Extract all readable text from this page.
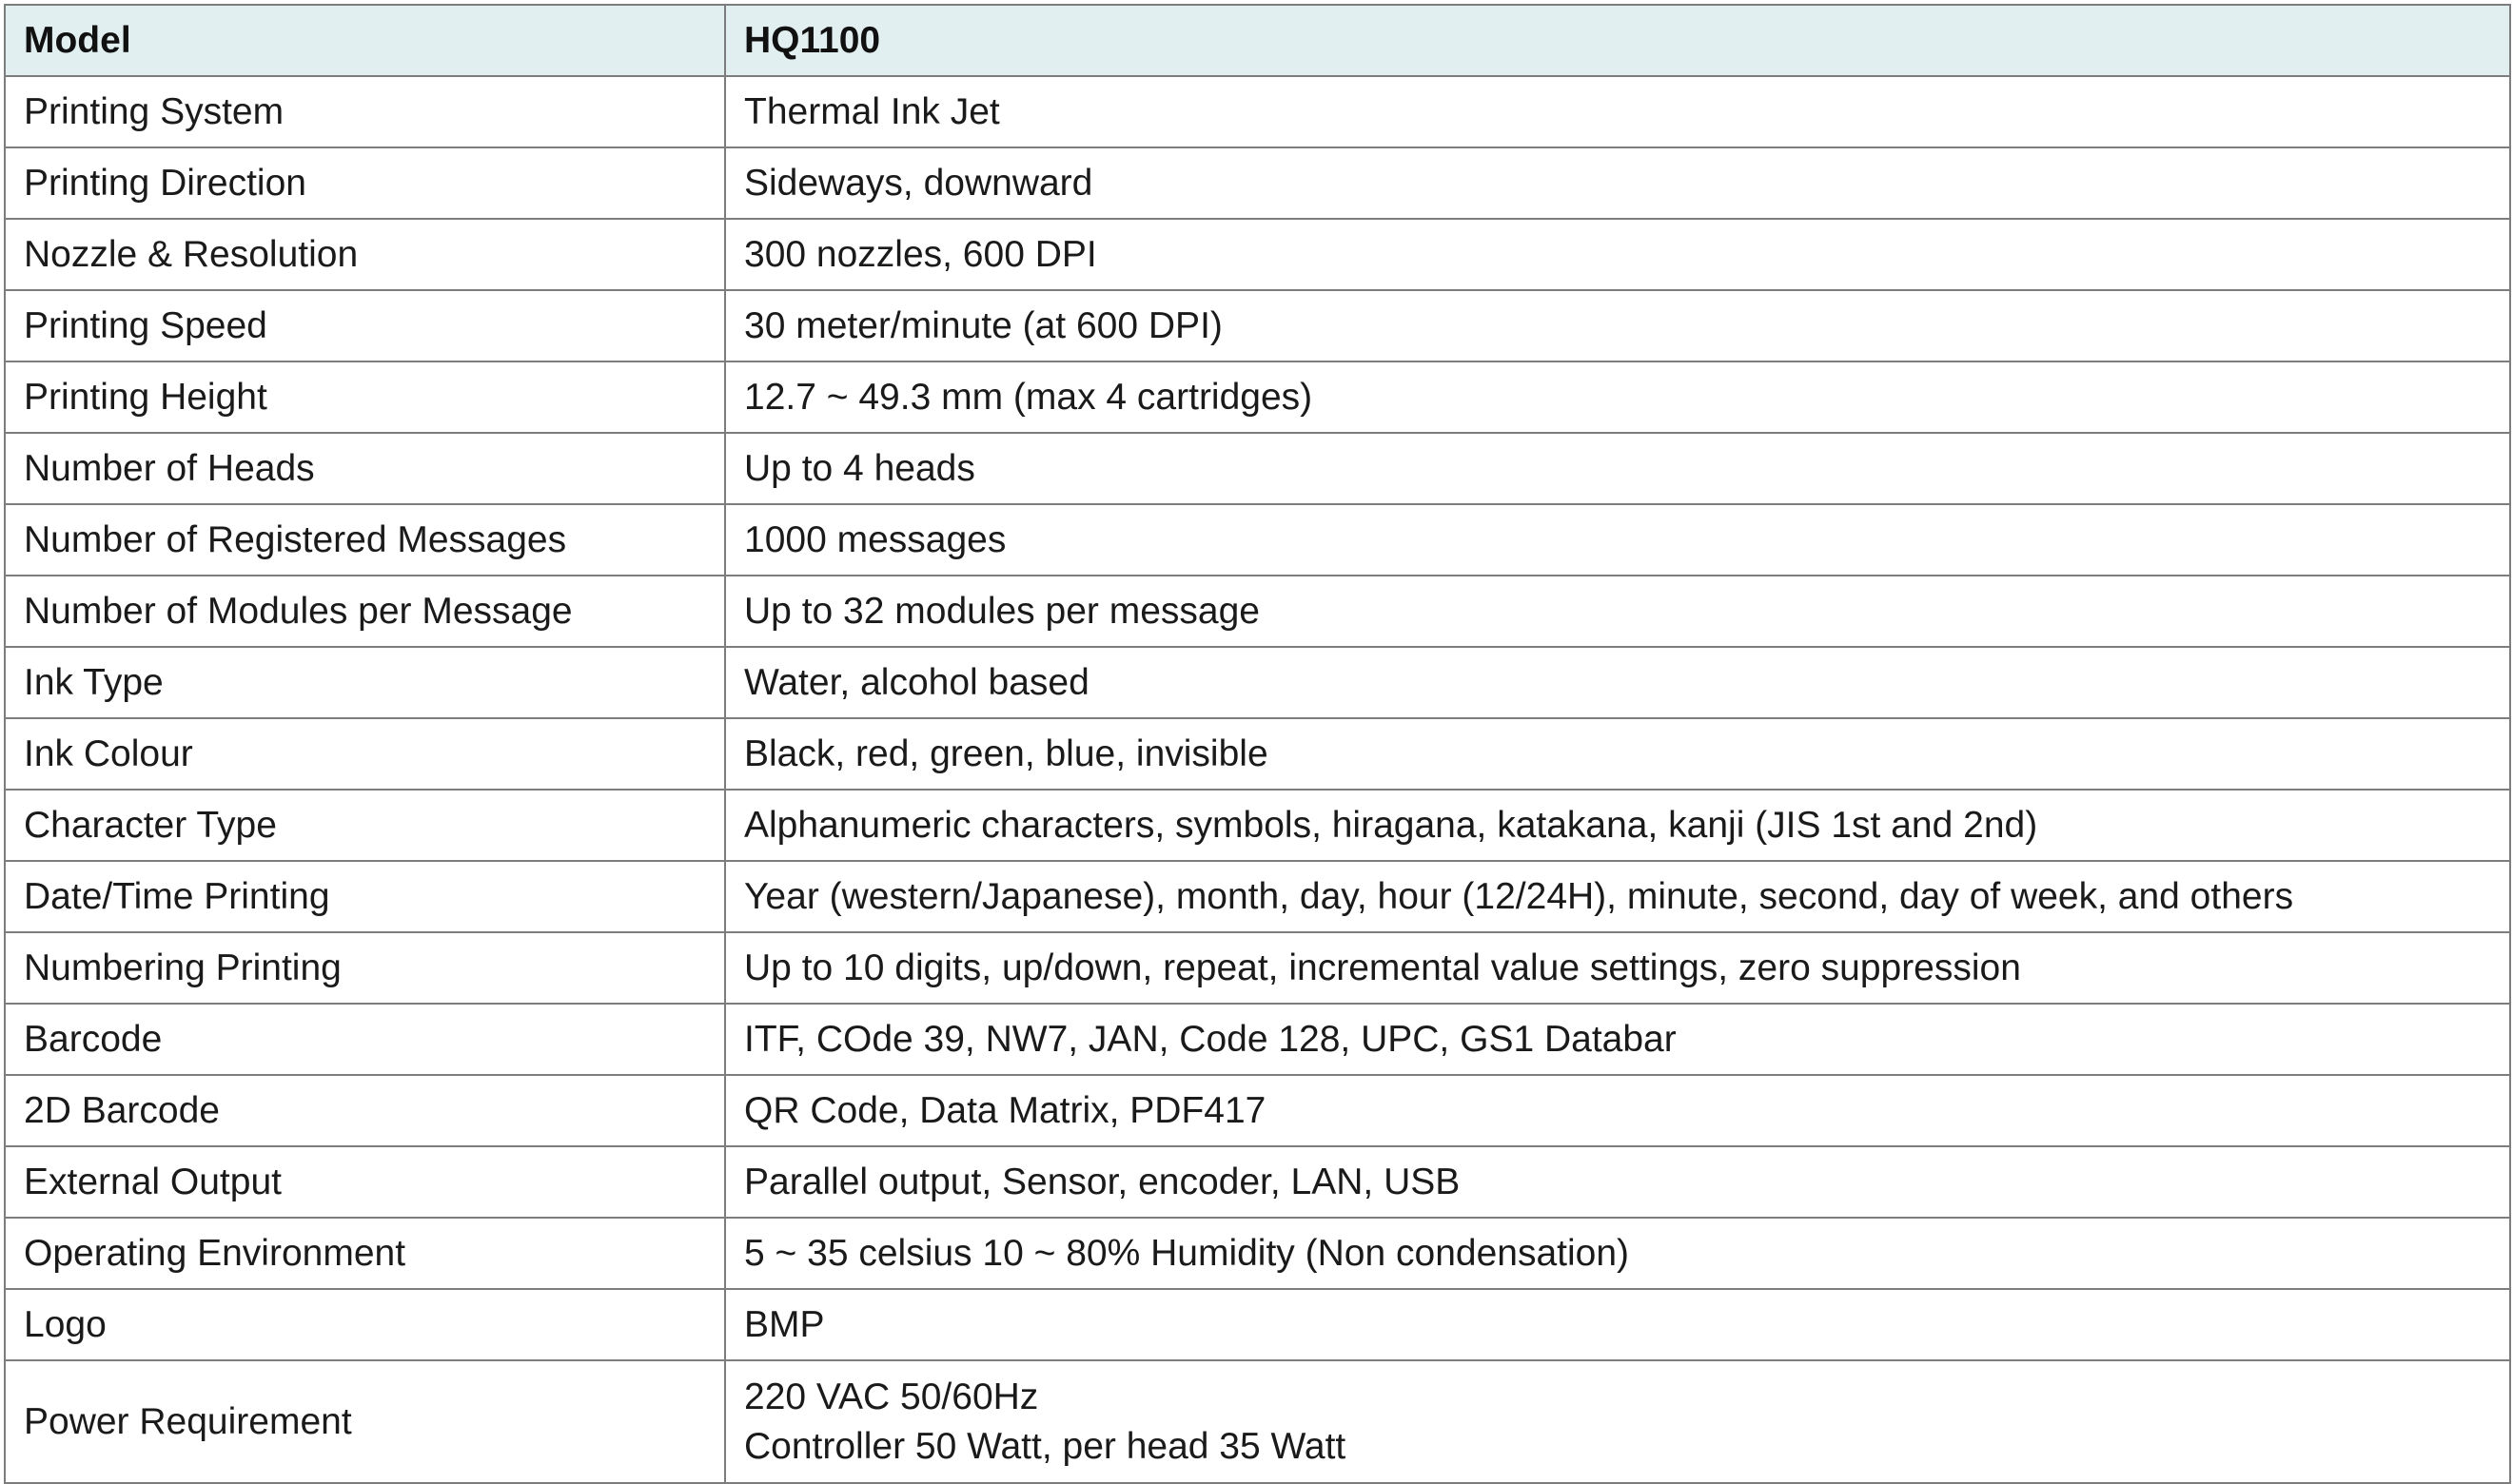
Model	HQ1100
Printing System	Thermal Ink Jet
Printing Direction	Sideways, downward
Nozzle & Resolution	300 nozzles, 600 DPI
Printing Speed	30 meter/minute (at 600 DPI)
Printing Height	12.7 ~ 49.3 mm (max 4 cartridges)
Number of Heads	Up to 4 heads
Number of Registered Messages	1000 messages
Number of Modules per Message	Up to 32 modules per message
Ink Type	Water, alcohol based
Ink Colour	Black, red, green, blue, invisible
Character Type	Alphanumeric characters, symbols, hiragana, katakana, kanji (JIS 1st and 2nd)
Date/Time Printing	Year (western/Japanese), month, day, hour (12/24H), minute, second, day of week, and others
Numbering Printing	Up to 10 digits, up/down, repeat, incremental value settings, zero suppression
Barcode	ITF, COde 39, NW7, JAN, Code 128, UPC, GS1 Databar
2D Barcode	QR Code, Data Matrix, PDF417
External Output	Parallel output, Sensor, encoder, LAN, USB
Operating Environment	5 ~ 35 celsius 10 ~ 80% Humidity (Non condensation)
Logo	BMP
Power Requirement	220 VAC 50/60Hz
Controller 50 Watt, per head 35 Watt
